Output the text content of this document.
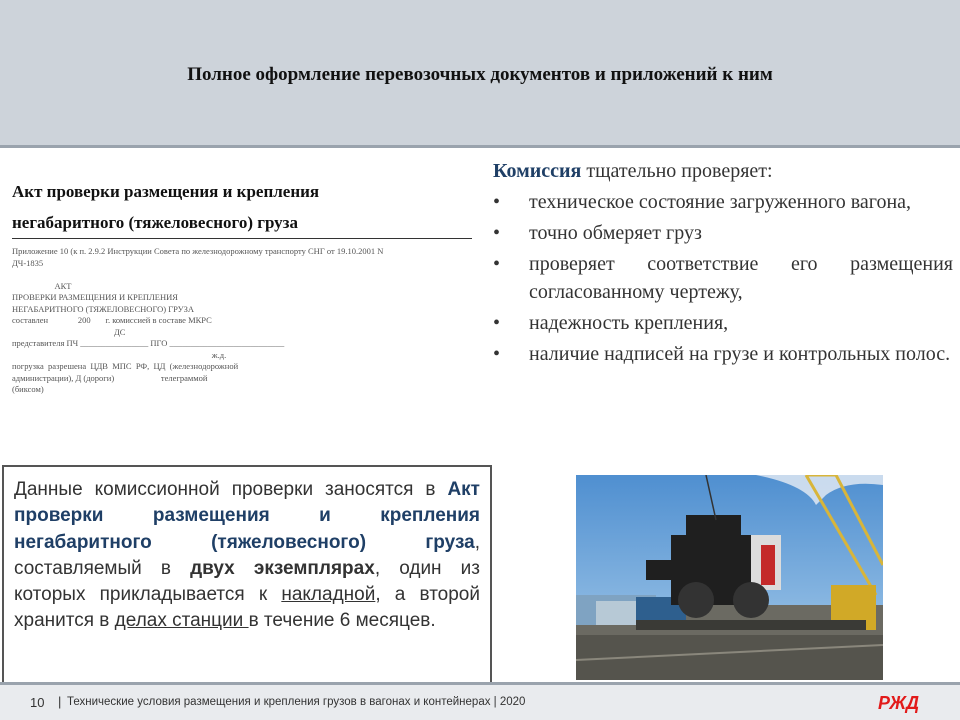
Полное оформление перевозочных документов и приложений к ним
Акт проверки размещения и крепления
негабаритного (тяжеловесного) груза
Приложение 10 (к п. 2.9.2 Инструкции Совета по железнодорожному транспорту СНГ от 19.10.2001 N
ДЧ-1835

АКТ
ПРОВЕРКИ РАЗМЕЩЕНИЯ И КРЕПЛЕНИЯ
НЕГАБАРИТНОГО (ТЯЖЕЛОВЕСНОГО) ГРУЗА
составлен              200       г. комиссией в составе МКРС
ДС
представителя ПЧ ________________ ПГО ___________________________
ж.д.
погрузка  разрешена  ЦДВ  МПС  РФ,  ЦД  (железнодорожной
администрации), Д (дороги)                      телеграммой
(биксом)
Данные комиссионной проверки заносятся в Акт проверки размещения и крепления негабаритного (тяжеловесного) груза, составляемый в двух экземплярах, один из которых прикладывается к накладной, а второй хранится в делах станции в течение 6 месяцев.
Комиссия тщательно проверяет:
• техническое состояние загруженного вагона,
• точно обмеряет груз
• проверяет соответствие его размещения согласованному чертежу,
• надежность крепления,
• наличие надписей на грузе и контрольных полос.
10 | Технические условия размещения и крепления грузов в вагонах и контейнерах | 2020	РЖД
